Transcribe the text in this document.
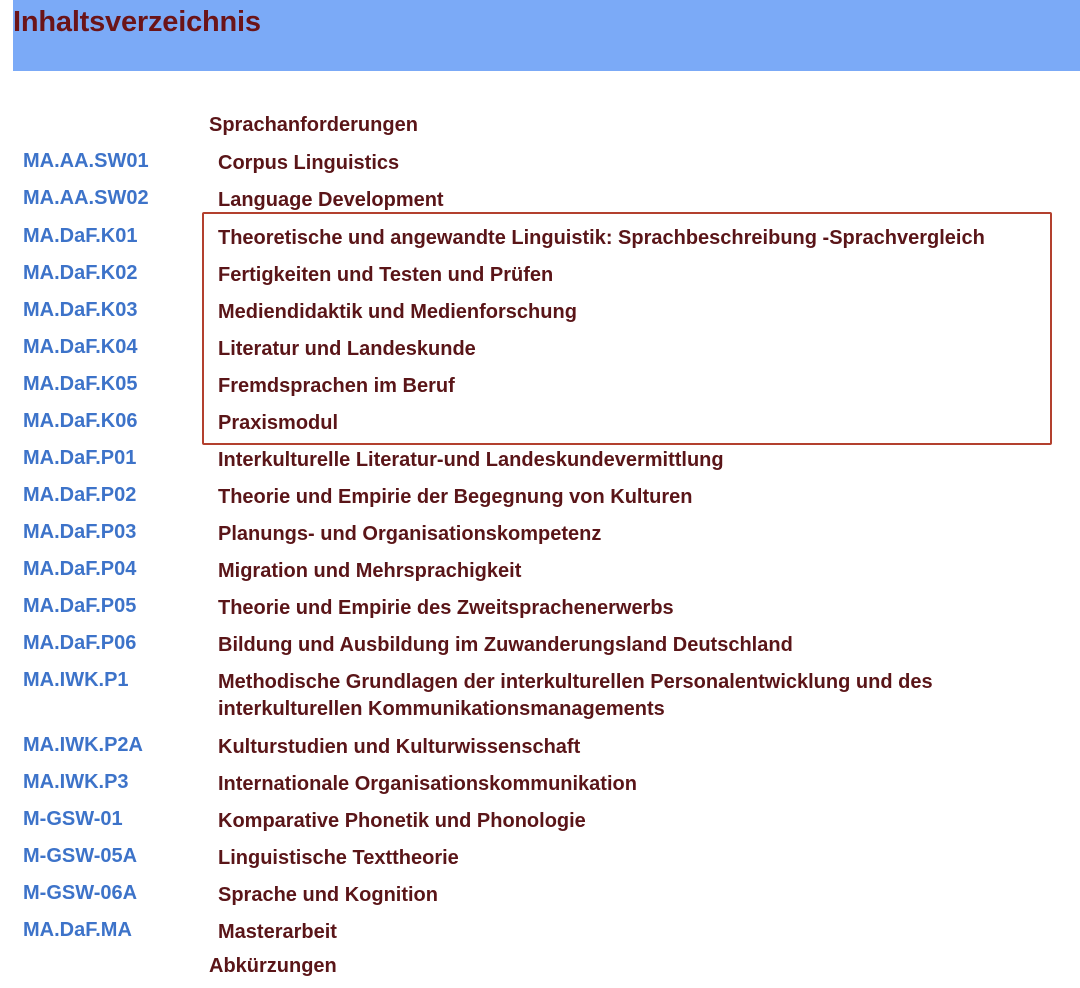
Inhaltsverzeichnis
Sprachanforderungen
MA.AA.SW01	Corpus Linguistics
MA.AA.SW02	Language Development
MA.DaF.K01	Theoretische und angewandte Linguistik: Sprachbeschreibung -Sprachvergleich
MA.DaF.K02	Fertigkeiten und Testen und Prüfen
MA.DaF.K03	Mediendidaktik und Medienforschung
MA.DaF.K04	Literatur und Landeskunde
MA.DaF.K05	Fremdsprachen im Beruf
MA.DaF.K06	Praxismodul
MA.DaF.P01	Interkulturelle Literatur-und Landeskundevermittlung
MA.DaF.P02	Theorie und Empirie der Begegnung von Kulturen
MA.DaF.P03	Planungs- und Organisationskompetenz
MA.DaF.P04	Migration und Mehrsprachigkeit
MA.DaF.P05	Theorie und Empirie des Zweitsprachenerwerbs
MA.DaF.P06	Bildung und Ausbildung im Zuwanderungsland Deutschland
MA.IWK.P1	Methodische Grundlagen der interkulturellen Personalentwicklung und des interkulturellen Kommunikationsmanagements
MA.IWK.P2A	Kulturstudien und Kulturwissenschaft
MA.IWK.P3	Internationale Organisationskommunikation
M-GSW-01	Komparative Phonetik und Phonologie
M-GSW-05A	Linguistische Texttheorie
M-GSW-06A	Sprache und Kognition
MA.DaF.MA	Masterarbeit
Abkürzungen
